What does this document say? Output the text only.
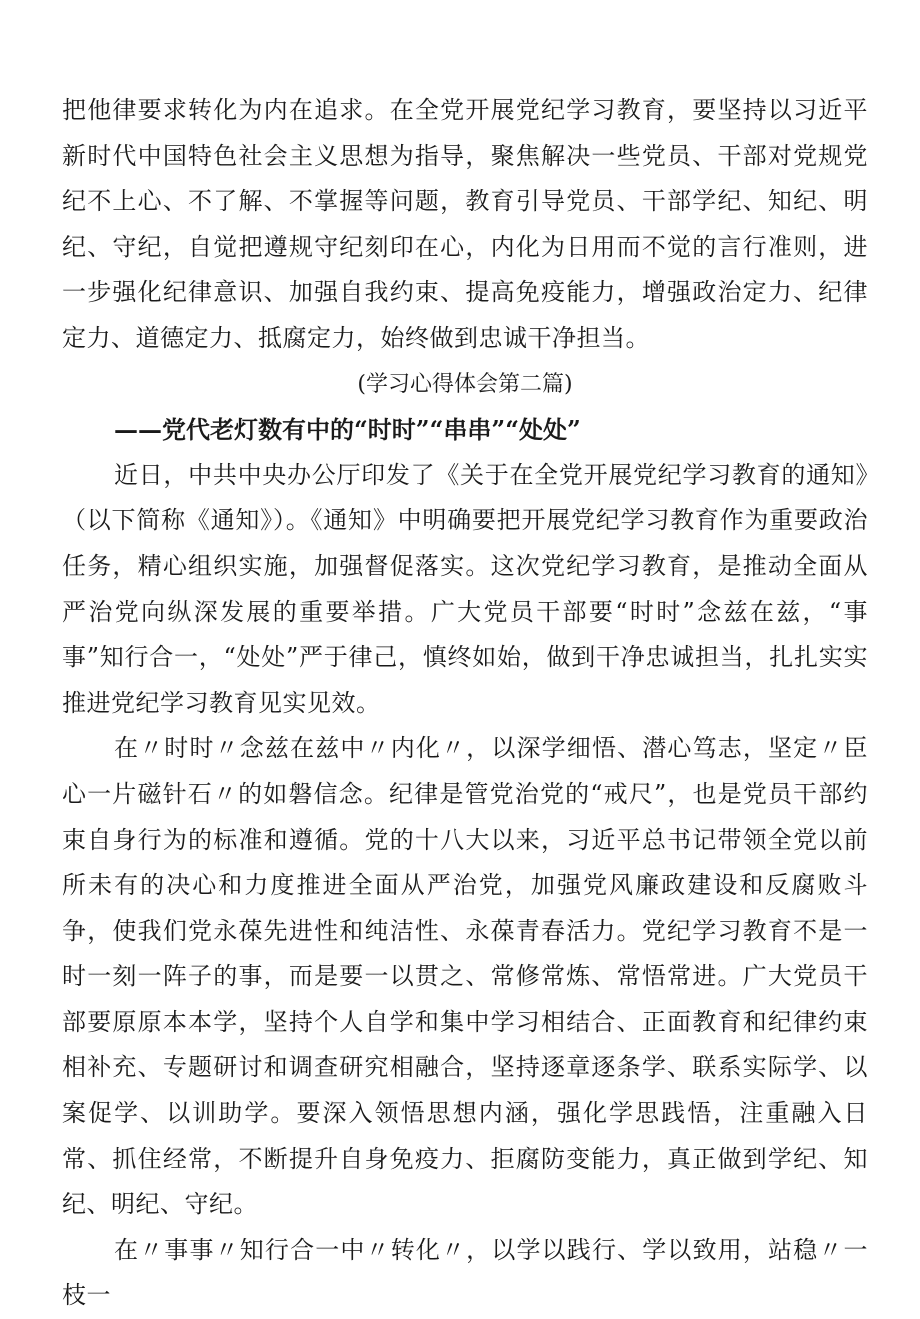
把他律要求转化为内在追求。在全党开展党纪学习教育，要坚持以习近平新时代中国特色社会主义思想为指导，聚焦解决一些党员、干部对党规党纪不上心、不了解、不掌握等问题，教育引导党员、干部学纪、知纪、明纪、守纪，自觉把遵规守纪刻印在心，内化为日用而不觉的言行准则，进一步强化纪律意识、加强自我约束、提高免疫能力，增强政治定力、纪律定力、道德定力、抵腐定力，始终做到忠诚干净担当。

(学习心得体会第二篇)

——党代老灯数有中的“时时”“串串”“处处”

近日，中共中央办公厅印发了《关于在全党开展党纪学习教育的通知》（以下简称《通知》）。《通知》中明确要把开展党纪学习教育作为重要政治任务，精心组织实施，加强督促落实。这次党纪学习教育，是推动全面从严治党向纵深发展的重要举措。广大党员干部要“时时”念兹在兹，“事事”知行合一，“处处”严于律己，慎终如始，做到干净忠诚担当，扎扎实实推进党纪学习教育见实见效。

在〃时时〃念兹在兹中〃内化〃，以深学细悟、潜心笃志，坚定〃臣心一片磁针石〃的如磐信念。纪律是管党治党的“戒尺”，也是党员干部约束自身行为的标准和遵循。党的十八大以来，习近平总书记带领全党以前所未有的决心和力度推进全面从严治党，加强党风廉政建设和反腐败斗争，使我们党永葆先进性和纯洁性、永葆青春活力。党纪学习教育不是一时一刻一阵子的事，而是要一以贯之、常修常炼、常悟常进。广大党员干部要原原本本学，坚持个人自学和集中学习相结合、正面教育和纪律约束相补充、专题研讨和调查研究相融合，坚持逐章逐条学、联系实际学、以案促学、以训助学。要深入领悟思想内涵，强化学思践悟，注重融入日常、抓住经常，不断提升自身免疫力、拒腐防变能力，真正做到学纪、知纪、明纪、守纪。

在〃事事〃知行合一中〃转化〃，以学以践行、学以致用，站稳〃一枝一
